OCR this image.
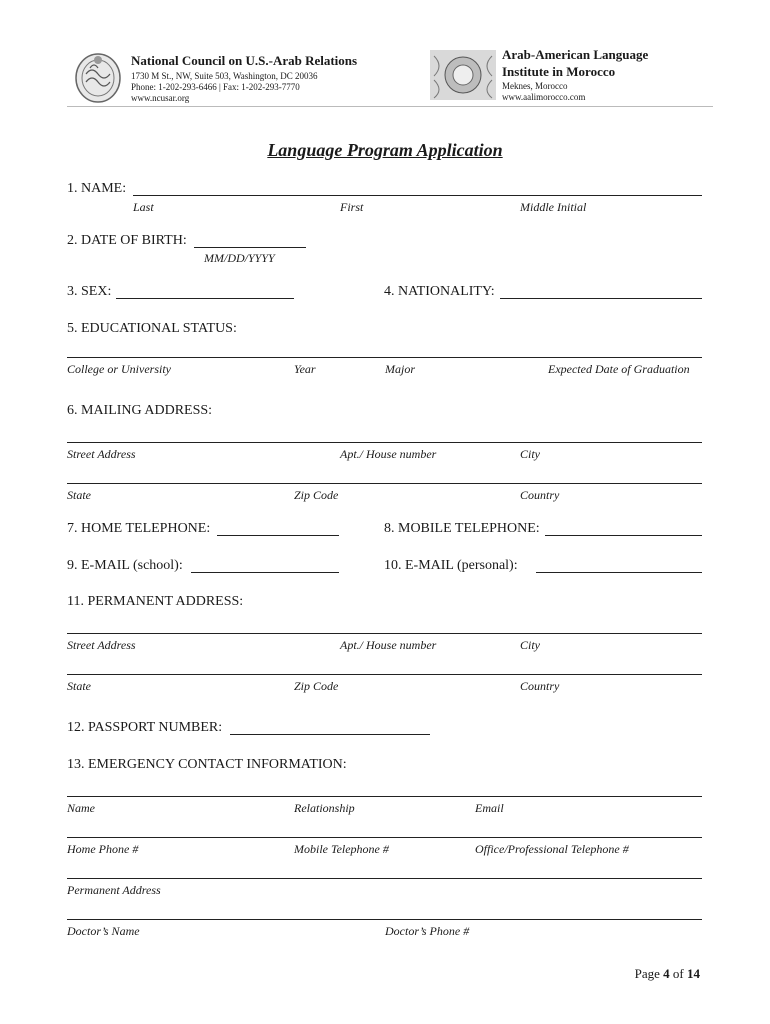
National Council on U.S.-Arab Relations
1730 M St., NW, Suite 503, Washington, DC 20036
Phone: 1-202-293-6466 | Fax: 1-202-293-7770
www.ncusar.org
Arab-American Language
Institute in Morocco
Meknes, Morocco
www.aalimorocco.com
Language Program Application
1. NAME:
Last	First	Middle Initial
2. DATE OF BIRTH:
MM/DD/YYYY
3. SEX:	4. NATIONALITY:
5. EDUCATIONAL STATUS:
College or University	Year	Major	Expected Date of Graduation
6. MAILING ADDRESS:
Street Address	Apt./ House number	City
State	Zip Code	Country
7. HOME TELEPHONE:	8. MOBILE TELEPHONE:
9. E-MAIL (school):	10. E-MAIL (personal):
11. PERMANENT ADDRESS:
Street Address	Apt./ House number	City
State	Zip Code	Country
12. PASSPORT NUMBER:
13. EMERGENCY CONTACT INFORMATION:
Name	Relationship	Email
Home Phone #	Mobile Telephone #	Office/Professional Telephone #
Permanent Address
Doctor’s Name	Doctor’s Phone #
Page 4 of 14
